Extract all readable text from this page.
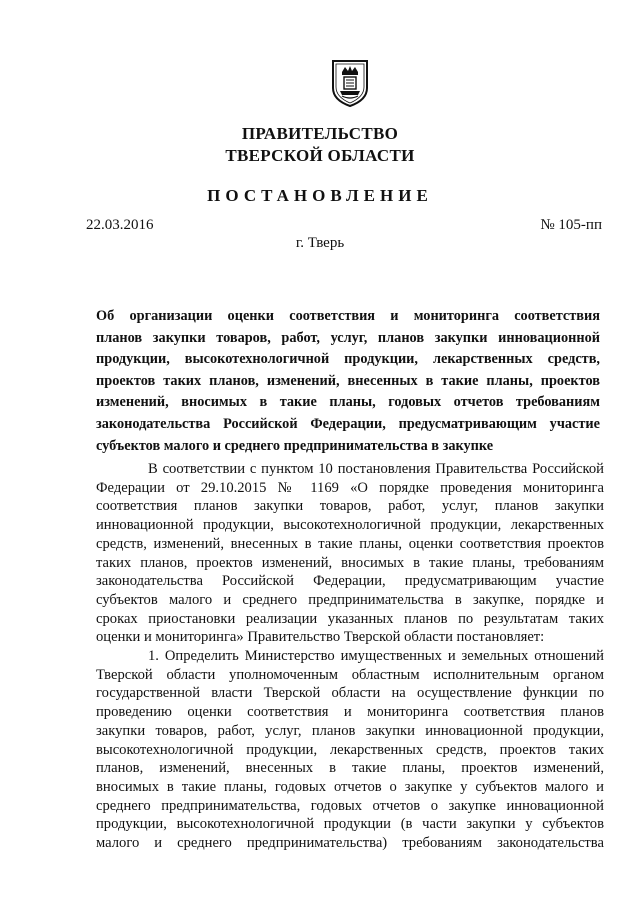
ПРАВИТЕЛЬСТВО
ТВЕРСКОЙ ОБЛАСТИ
ПОСТАНОВЛЕНИЕ
22.03.2016	№ 105-пп
г. Тверь
Об организации оценки соответствия и мониторинга соответствия
планов закупки товаров, работ, услуг, планов закупки инновационной
продукции, высокотехнологичной продукции, лекарственных средств,
проектов таких планов, изменений, внесенных в такие планы, проектов
изменений, вносимых в такие планы, годовых отчетов требованиям
законодательства Российской Федерации, предусматривающим участие
субъектов малого и среднего предпринимательства в закупке
В соответствии с пунктом 10 постановления Правительства Российской
Федерации от 29.10.2015 № 1169 «О порядке проведения мониторинга
соответствия планов закупки товаров, работ, услуг, планов закупки
инновационной продукции, высокотехнологичной продукции, лекарственных
средств, изменений, внесенных в такие планы, оценки соответствия проектов
таких планов, проектов изменений, вносимых в такие планы, требованиям
законодательства Российской Федерации, предусматривающим участие
субъектов малого и среднего предпринимательства в закупке, порядке и
сроках приостановки реализации указанных планов по результатам таких
оценки и мониторинга» Правительство Тверской области постановляет:
1. Определить Министерство имущественных и земельных отношений
Тверской области уполномоченным областным исполнительным органом
государственной власти Тверской области на осуществление функции по
проведению оценки соответствия и мониторинга соответствия планов
закупки товаров, работ, услуг, планов закупки инновационной продукции,
высокотехнологичной продукции, лекарственных средств, проектов таких
планов, изменений, внесенных в такие планы, проектов изменений,
вносимых в такие планы, годовых отчетов о закупке у субъектов малого и
среднего предпринимательства, годовых отчетов о закупке инновационной
продукции, высокотехнологичной продукции (в части закупки у субъектов
малого и среднего предпринимательства) требованиям законодательства
